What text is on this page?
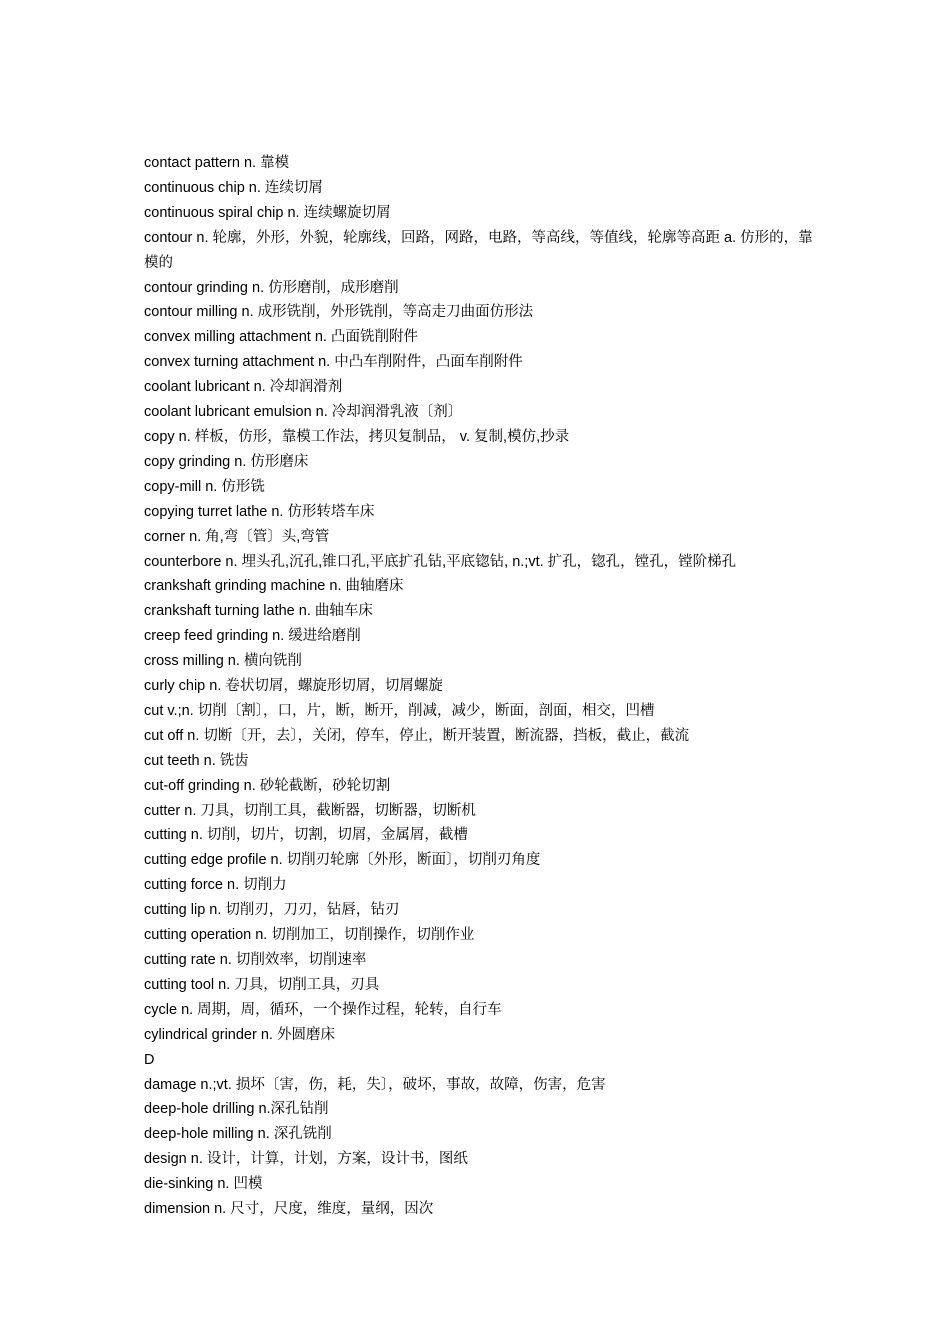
contact pattern n. 靠模
continuous chip n. 连续切屑
continuous spiral chip n. 连续螺旋切屑
contour n. 轮廓，外形，外貌，轮廓线，回路，网路，电路，等高线，等值线，轮廓等高距 a. 仿形的，靠模的
contour grinding n. 仿形磨削，成形磨削
contour milling n. 成形铣削，外形铣削，等高走刀曲面仿形法
convex milling attachment n. 凸面铣削附件
convex turning attachment n. 中凸车削附件，凸面车削附件
coolant lubricant n. 冷却润滑剂
coolant lubricant emulsion n. 冷却润滑乳液〔剂〕
copy n. 样板，仿形，靠模工作法，拷贝复制品， v. 复制,模仿,抄录
copy grinding n. 仿形磨床
copy-mill n. 仿形铣
copying turret lathe n. 仿形转塔车床
corner n. 角,弯〔管〕头,弯管
counterbore n. 埋头孔,沉孔,锥口孔,平底扩孔钻,平底锪钻, n.;vt. 扩孔，锪孔，镗孔，镗阶梯孔
crankshaft grinding machine n. 曲轴磨床
crankshaft turning lathe n. 曲轴车床
creep feed grinding n. 缓进给磨削
cross milling n. 横向铣削
curly chip n. 卷状切屑，螺旋形切屑，切屑螺旋
cut v.;n. 切削〔割〕，口，片，断，断开，削减，减少，断面，剖面，相交，凹槽
cut off n. 切断〔开，去〕，关闭，停车，停止，断开装置，断流器，挡板，截止，截流
cut teeth n. 铣齿
cut-off grinding n. 砂轮截断，砂轮切割
cutter n. 刀具，切削工具，截断器，切断器，切断机
cutting n. 切削，切片，切割，切屑，金属屑，截槽
cutting edge profile n. 切削刃轮廓〔外形，断面〕，切削刃角度
cutting force n. 切削力
cutting lip n. 切削刃，刀刃，钻唇，钻刃
cutting operation n. 切削加工，切削操作，切削作业
cutting rate n. 切削效率，切削速率
cutting tool n. 刀具，切削工具，刃具
cycle n. 周期，周，循环，一个操作过程，轮转，自行车
cylindrical grinder n. 外圆磨床
D
damage n.;vt. 损坏〔害，伤，耗，失〕，破坏，事故，故障，伤害，危害
deep-hole drilling n.深孔钻削
deep-hole milling n. 深孔铣削
design n. 设计，计算，计划，方案，设计书，图纸
die-sinking n. 凹模
dimension n. 尺寸，尺度，维度，量纲，因次
